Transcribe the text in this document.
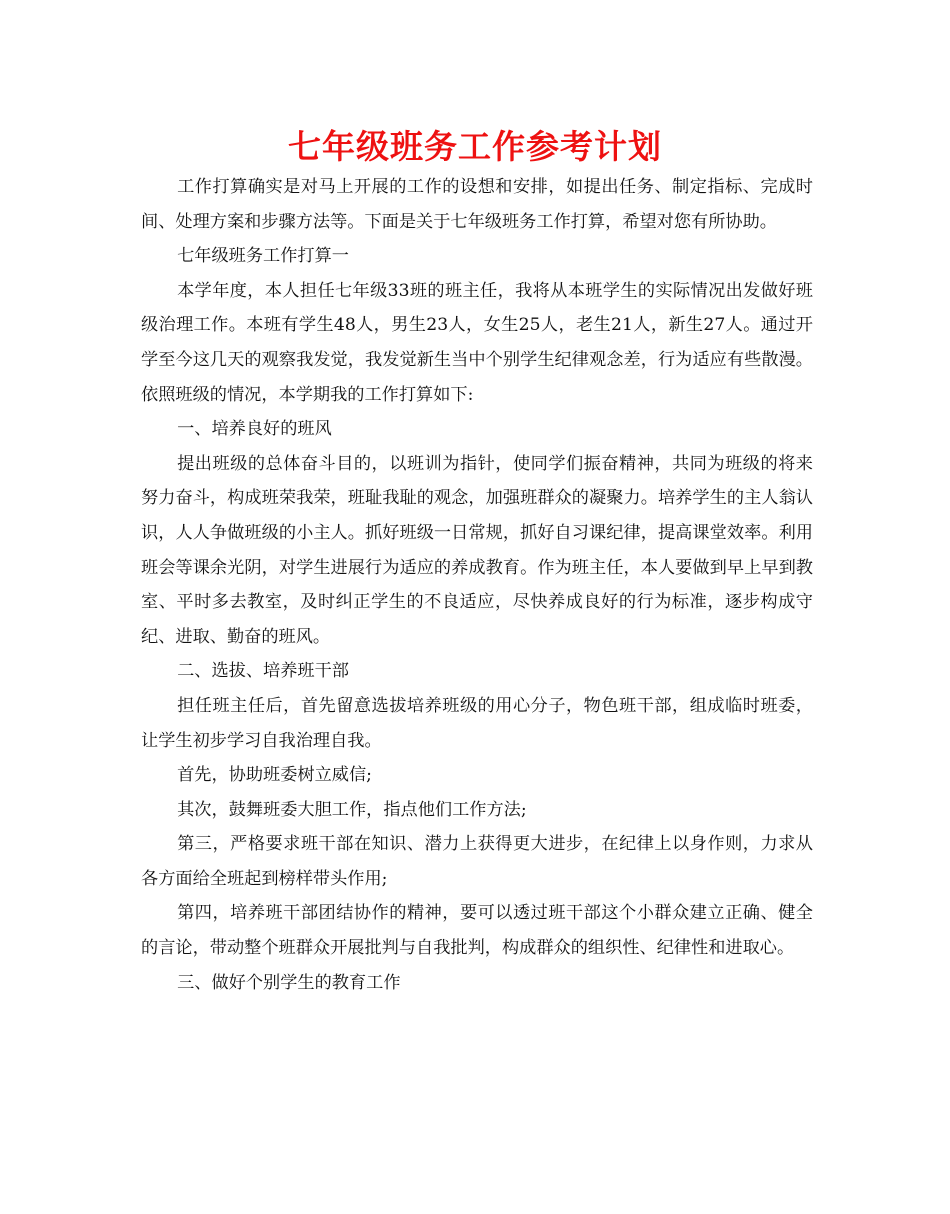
七年级班务工作参考计划

工作打算确实是对马上开展的工作的设想和安排，如提出任务、制定指标、完成时间、处理方案和步骤方法等。下面是关于七年级班务工作打算，希望对您有所协助。

七年级班务工作打算一

本学年度，本人担任七年级33班的班主任，我将从本班学生的实际情况出发做好班级治理工作。本班有学生48人，男生23人，女生25人，老生21人，新生27人。通过开学至今这几天的观察我发觉，我发觉新生当中个别学生纪律观念差，行为适应有些散漫。依照班级的情况，本学期我的工作打算如下:

一、培养良好的班风

提出班级的总体奋斗目的，以班训为指针，使同学们振奋精神，共同为班级的将来努力奋斗，构成班荣我荣，班耻我耻的观念，加强班群众的凝聚力。培养学生的主人翁认识，人人争做班级的小主人。抓好班级一日常规，抓好自习课纪律，提高课堂效率。利用班会等课余光阴，对学生进展行为适应的养成教育。作为班主任，本人要做到早上早到教室、平时多去教室，及时纠正学生的不良适应，尽快养成良好的行为标准，逐步构成守纪、进取、勤奋的班风。

二、选拔、培养班干部

担任班主任后，首先留意选拔培养班级的用心分子，物色班干部，组成临时班委，让学生初步学习自我治理自我。

首先，协助班委树立威信;

其次，鼓舞班委大胆工作，指点他们工作方法;

第三，严格要求班干部在知识、潜力上获得更大进步，在纪律上以身作则，力求从各方面给全班起到榜样带头作用;

第四，培养班干部团结协作的精神，要可以透过班干部这个小群众建立正确、健全的言论，带动整个班群众开展批判与自我批判，构成群众的组织性、纪律性和进取心。

三、做好个别学生的教育工作
